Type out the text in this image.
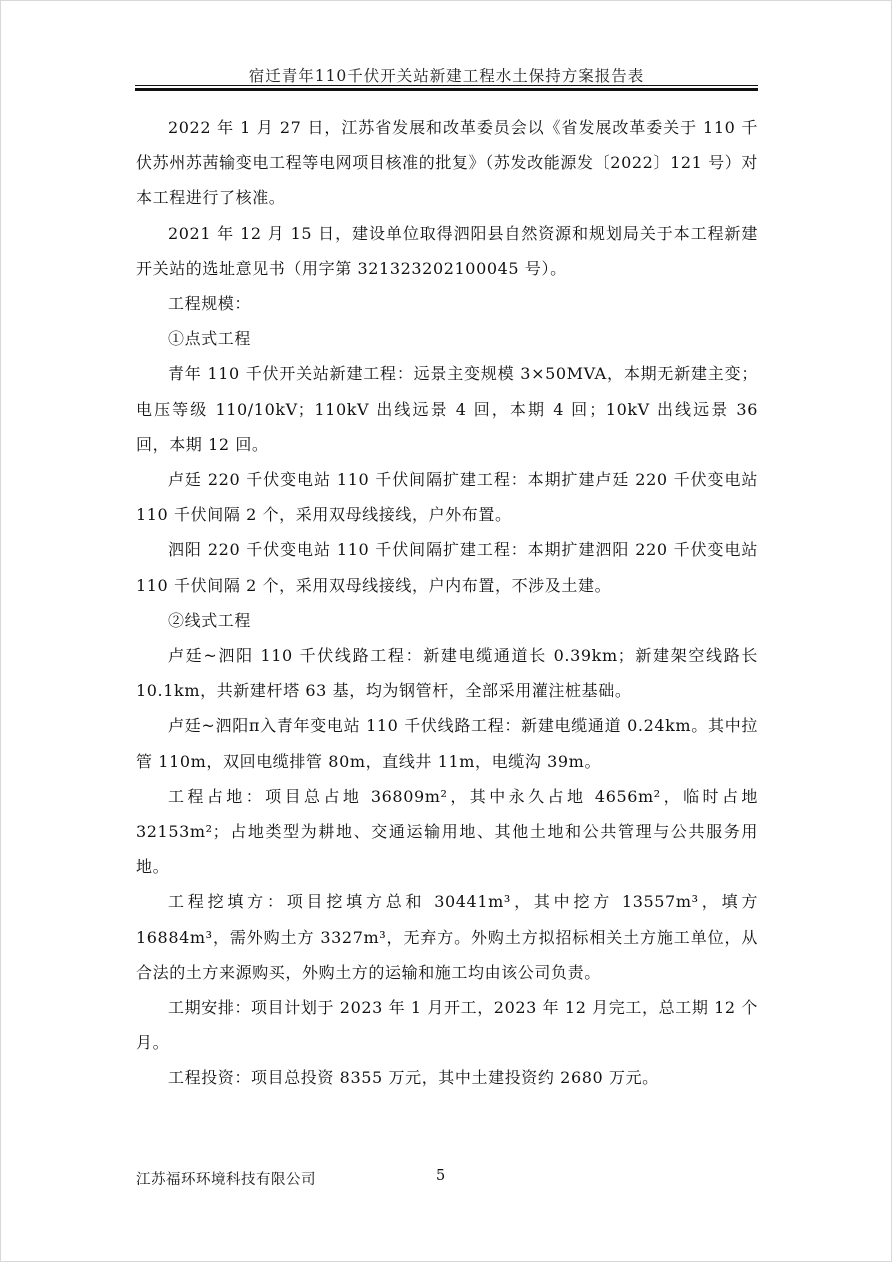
宿迁青年110千伏开关站新建工程水土保持方案报告表

2022 年 1 月 27 日，江苏省发展和改革委员会以《省发展改革委关于 110 千伏苏州苏茜输变电工程等电网项目核准的批复》（苏发改能源发〔2022〕121 号）对本工程进行了核准。

2021 年 12 月 15 日，建设单位取得泗阳县自然资源和规划局关于本工程新建开关站的选址意见书（用字第 321323202100045 号）。

工程规模：

①点式工程

青年 110 千伏开关站新建工程：远景主变规模 3×50MVA，本期无新建主变；电压等级 110/10kV；110kV 出线远景 4 回，本期 4 回；10kV 出线远景 36 回，本期 12 回。

卢廷 220 千伏变电站 110 千伏间隔扩建工程：本期扩建卢廷 220 千伏变电站 110 千伏间隔 2 个，采用双母线接线，户外布置。

泗阳 220 千伏变电站 110 千伏间隔扩建工程：本期扩建泗阳 220 千伏变电站 110 千伏间隔 2 个，采用双母线接线，户内布置，不涉及土建。

②线式工程

卢廷~泗阳 110 千伏线路工程：新建电缆通道长 0.39km；新建架空线路长 10.1km，共新建杆塔 63 基，均为钢管杆，全部采用灌注桩基础。

卢廷~泗阳π入青年变电站 110 千伏线路工程：新建电缆通道 0.24km。其中拉管 110m，双回电缆排管 80m，直线井 11m，电缆沟 39m。

工程占地：项目总占地 36809m²，其中永久占地 4656m²，临时占地 32153m²；占地类型为耕地、交通运输用地、其他土地和公共管理与公共服务用地。

工程挖填方：项目挖填方总和 30441m³，其中挖方 13557m³，填方 16884m³，需外购土方 3327m³，无弃方。外购土方拟招标相关土方施工单位，从合法的土方来源购买，外购土方的运输和施工均由该公司负责。

工期安排：项目计划于 2023 年 1 月开工，2023 年 12 月完工，总工期 12 个月。

工程投资：项目总投资 8355 万元，其中土建投资约 2680 万元。

江苏福环环境科技有限公司	5
